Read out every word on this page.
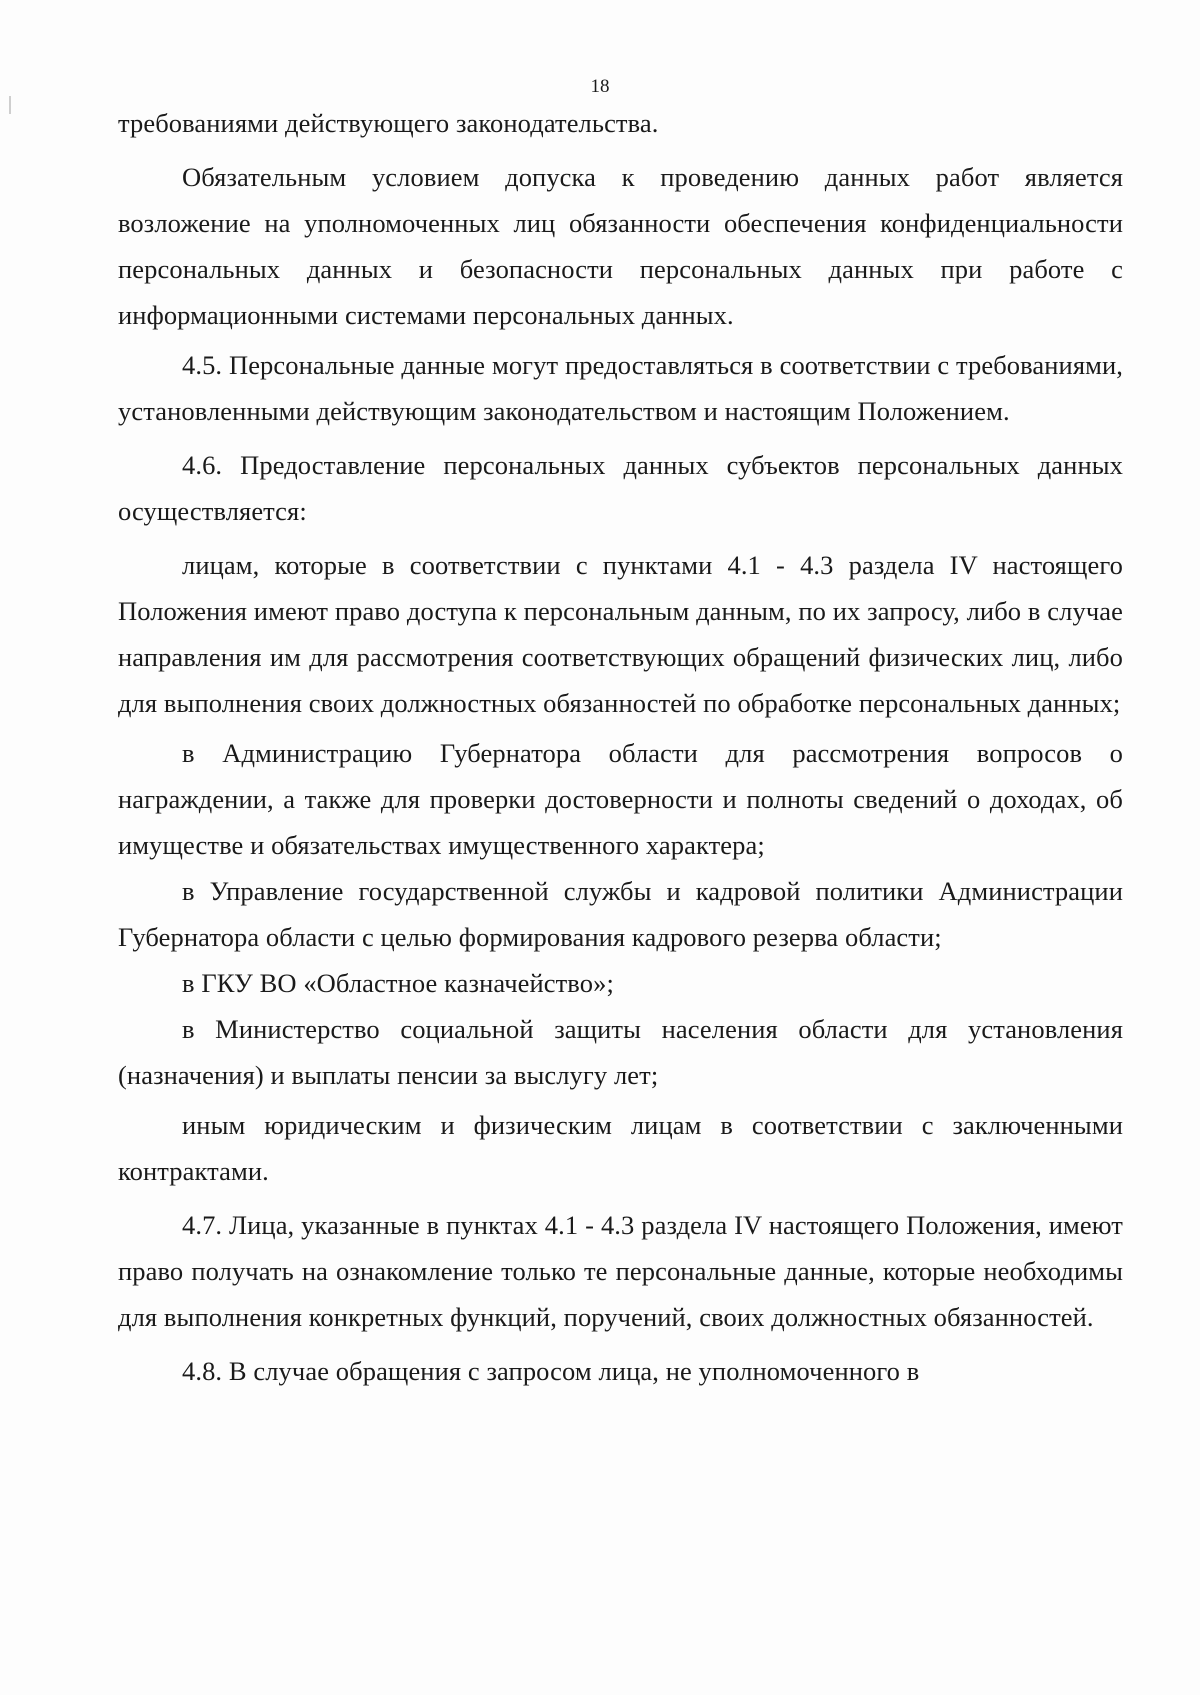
18

требованиями действующего законодательства.

Обязательным условием допуска к проведению данных работ является возложение на уполномоченных лиц обязанности обеспечения конфиденциальности персональных данных и безопасности персональных данных при работе с информационными системами персональных данных.

4.5. Персональные данные могут предоставляться в соответствии с требованиями, установленными действующим законодательством и настоящим Положением.

4.6. Предоставление персональных данных субъектов персональных данных осуществляется:

лицам, которые в соответствии с пунктами 4.1 - 4.3 раздела IV настоящего Положения имеют право доступа к персональным данным, по их запросу, либо в случае направления им для рассмотрения соответствующих обращений физических лиц, либо для выполнения своих должностных обязанностей по обработке персональных данных;

в Администрацию Губернатора области для рассмотрения вопросов о награждении, а также для проверки достоверности и полноты сведений о доходах, об имуществе и обязательствах имущественного характера;

в Управление государственной службы и кадровой политики Администрации Губернатора области с целью формирования кадрового резерва области;

в ГКУ ВО «Областное казначейство»;

в Министерство социальной защиты населения области для установления (назначения) и выплаты пенсии за выслугу лет;

иным юридическим и физическим лицам в соответствии с заключенными контрактами.

4.7. Лица, указанные в пунктах 4.1 - 4.3 раздела IV настоящего Положения, имеют право получать на ознакомление только те персональные данные, которые необходимы для выполнения конкретных функций, поручений, своих должностных обязанностей.

4.8. В случае обращения с запросом лица, не уполномоченного в
